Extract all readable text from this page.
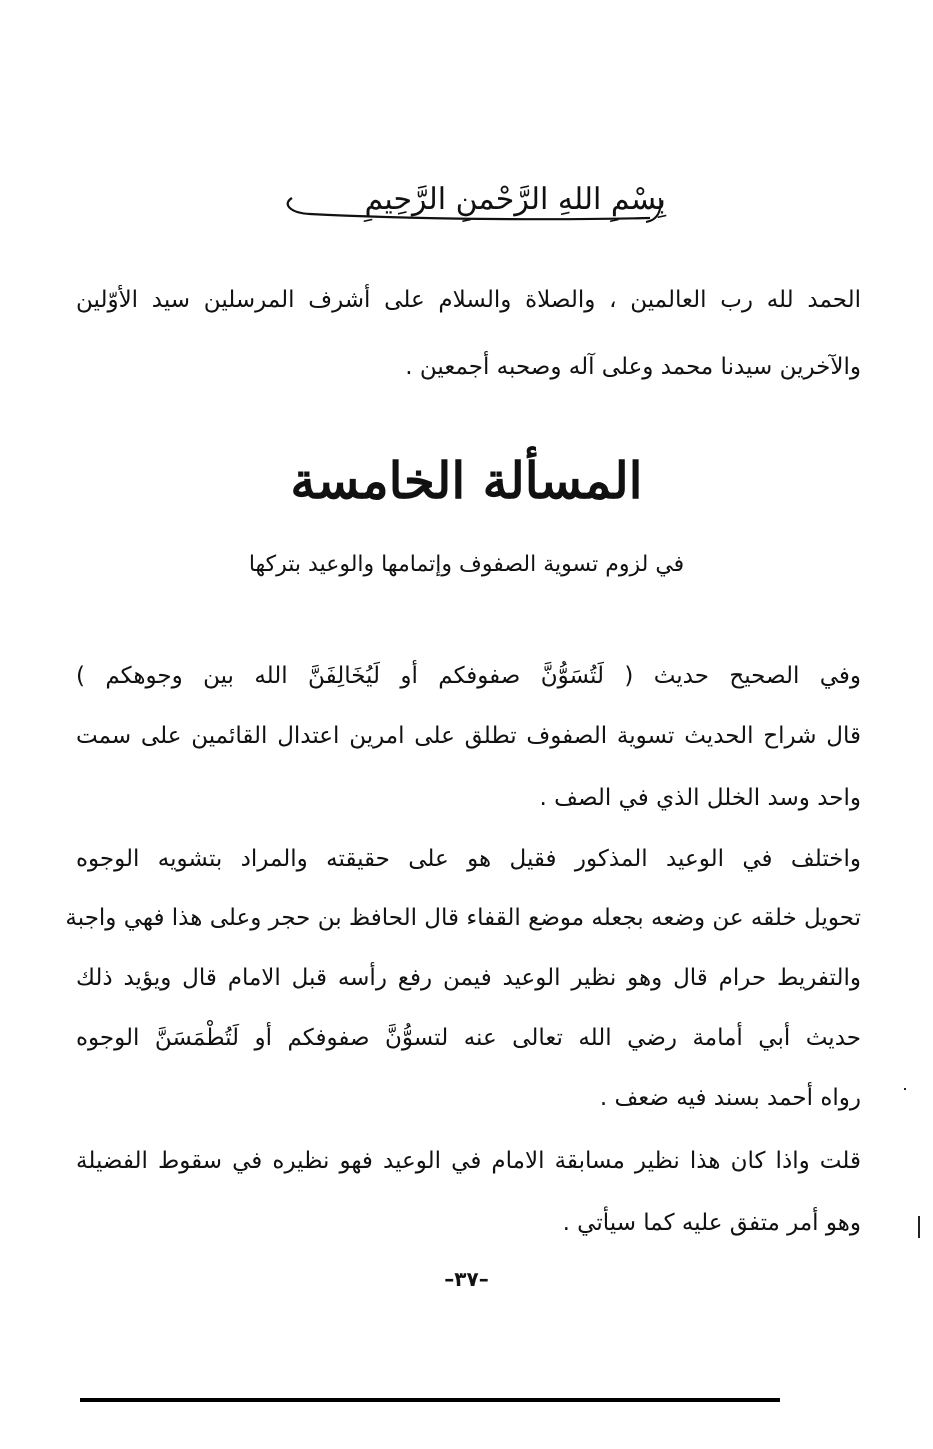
بِسْمِ اللهِ الرَّحْمنِ الرَّحِيمِ
الحمد لله رب العالمين ، والصلاة والسلام على أشرف المرسلين سيد الأوّلين
والآخرين سيدنا محمد وعلى آله وصحبه أجمعين .
المسألة الخامسة
في لزوم تسوية الصفوف وإتمامها والوعيد بتركها
وفي الصحيح حديث ( لَتُسَوُّنَّ صفوفكم أو لَيُخَالِفَنَّ الله بين وجوهكم )
قال شراح الحديث تسوية الصفوف تطلق على امرين اعتدال القائمين على سمت
واحد وسد الخلل الذي في الصف .
واختلف في الوعيد المذكور فقيل هو على حقيقته والمراد بتشويه الوجوه
تحويل خلقه عن وضعه بجعله موضع القفاء قال الحافظ بن حجر وعلى هذا فهي واجبة
والتفريط حرام قال وهو نظير الوعيد فيمن رفع رأسه قبل الامام قال ويؤيد ذلك
حديث أبي أمامة رضي الله تعالى عنه لتسوُّنَّ صفوفكم أو لَتُطْمَسَنَّ الوجوه
رواه أحمد بسند فيه ضعف .
قلت واذا كان هذا نظير مسابقة الامام في الوعيد فهو نظيره في سقوط الفضيلة
وهو أمر متفق عليه كما سيأتي .
–٣٧–
